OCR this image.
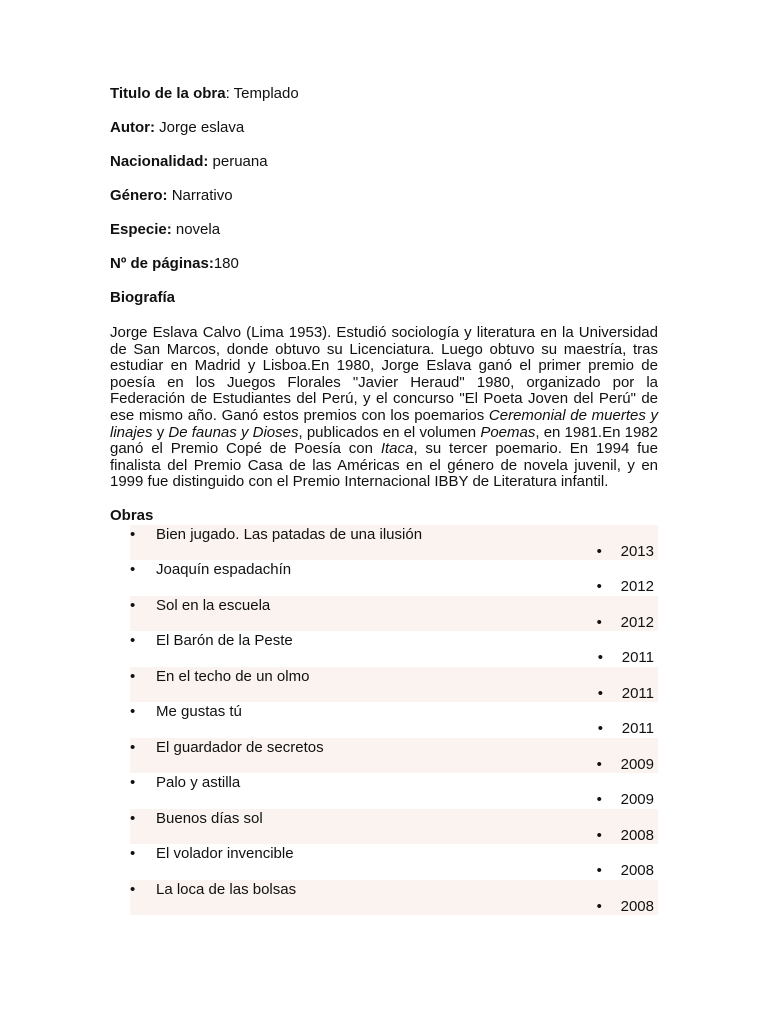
Titulo de la obra: Templado
Autor: Jorge eslava
Nacionalidad: peruana
Género: Narrativo
Especie: novela
Nº de páginas:180
Biografía

Jorge Eslava Calvo (Lima 1953). Estudió sociología y literatura en la Universidad de San Marcos, donde obtuvo su Licenciatura. Luego obtuvo su maestría, tras estudiar en Madrid y Lisboa.En 1980, Jorge Eslava ganó el primer premio de poesía en los Juegos Florales "Javier Heraud" 1980, organizado por la Federación de Estudiantes del Perú, y el concurso "El Poeta Joven del Perú" de ese mismo año. Ganó estos premios con los poemarios Ceremonial de muertes y linajes y De faunas y Dioses, publicados en el volumen Poemas, en 1981.En 1982 ganó el Premio Copé de Poesía con Itaca, su tercer poemario. En 1994 fue finalista del Premio Casa de las Américas en el género de novela juvenil, y en 1999 fue distinguido con el Premio Internacional IBBY de Literatura infantil.

Obras
• Bien jugado. Las patadas de una ilusión
• 2013
• Joaquín espadachín
• 2012
• Sol en la escuela
• 2012
• El Barón de la Peste
• 2011
• En el techo de un olmo
• 2011
• Me gustas tú
• 2011
• El guardador de secretos
• 2009
• Palo y astilla
• 2009
• Buenos días sol
• 2008
• El volador invencible
• 2008
• La loca de las bolsas
• 2008
